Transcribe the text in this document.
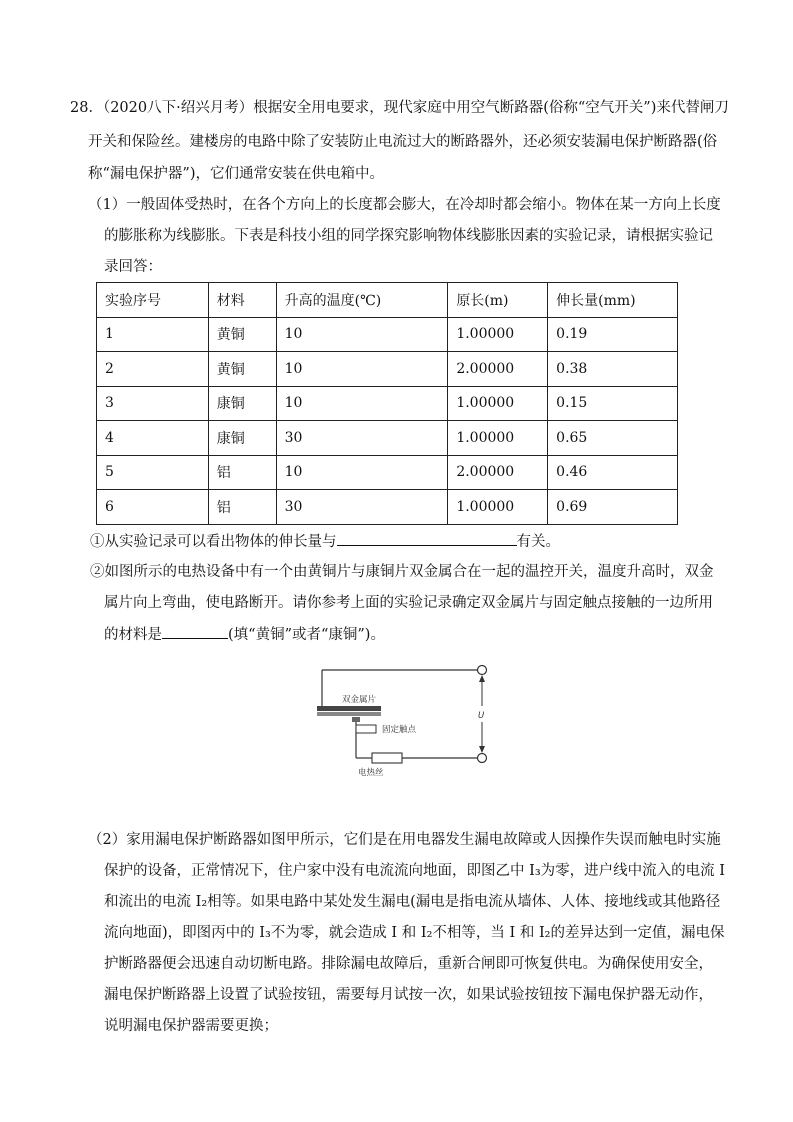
28．（2020八下·绍兴月考）根据安全用电要求，现代家庭中用空气断路器(俗称“空气开关”)来代替闸刀
开关和保险丝。建楼房的电路中除了安装防止电流过大的断路器外，还必须安装漏电保护断路器(俗
称“漏电保护器”)，它们通常安装在供电箱中。
（1）一般固体受热时，在各个方向上的长度都会膨大，在冷却时都会缩小。物体在某一方向上长度
的膨胀称为线膨胀。下表是科技小组的同学探究影响物体线膨胀因素的实验记录，请根据实验记
录回答：
实验序号	材料	升高的温度(℃)	原长(m)	伸长量(mm)
1	黄铜	10	1.00000	0.19
2	黄铜	10	2.00000	0.38
3	康铜	10	1.00000	0.15
4	康铜	30	1.00000	0.65
5	铝	10	2.00000	0.46
6	铝	30	1.00000	0.69
①从实验记录可以看出物体的伸长量与	有关。
②如图所示的电热设备中有一个由黄铜片与康铜片双金属合在一起的温控开关，温度升高时，双金
属片向上弯曲，使电路断开。请你参考上面的实验记录确定双金属片与固定触点接触的一边所用
的材料是	(填“黄铜”或者“康铜”)。
U
双金属片
固定触点
电热丝
（2）家用漏电保护断路器如图甲所示，它们是在用电器发生漏电故障或人因操作失误而触电时实施
保护的设备，正常情况下，住户家中没有电流流向地面，即图乙中 I₃为零，进户线中流入的电流 I
和流出的电流 I₂相等。如果电路中某处发生漏电(漏电是指电流从墙体、人体、接地线或其他路径
流向地面)，即图丙中的 I₃不为零，就会造成 I 和 I₂不相等，当 I 和 I₂的差异达到一定值，漏电保
护断路器便会迅速自动切断电路。排除漏电故障后，重新合闸即可恢复供电。为确保使用安全，
漏电保护断路器上设置了试验按钮，需要每月试按一次，如果试验按钮按下漏电保护器无动作，
说明漏电保护器需要更换；
